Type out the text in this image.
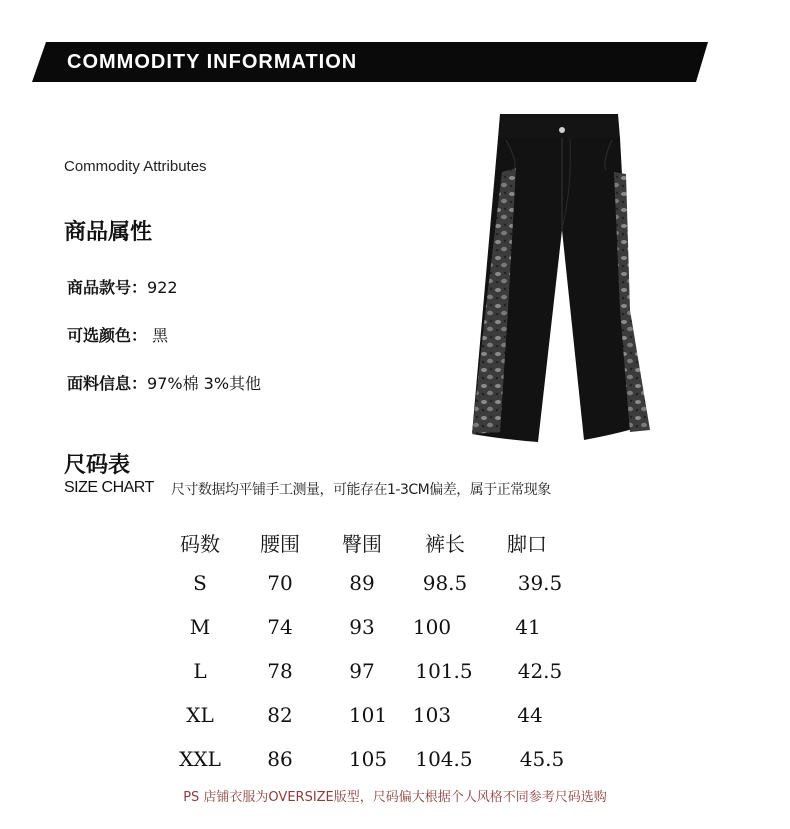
COMMODITY INFORMATION
Commodity Attributes
商品属性
商品款号：922
可选颜色： 黑
面料信息：97%棉 3%其他
尺码表
SIZE CHART 尺寸数据均平铺手工测量，可能存在1-3CM偏差，属于正常现象
码数	腰围	臀围	裤长	脚口
S	70	89	98.5	39.5
M	74	93	100	41
L	78	97	101.5	42.5
XL	82	101	103	44
XXL	86	105	104.5	45.5
PS 店铺衣服为OVERSIZE版型，尺码偏大根据个人风格不同参考尺码选购
